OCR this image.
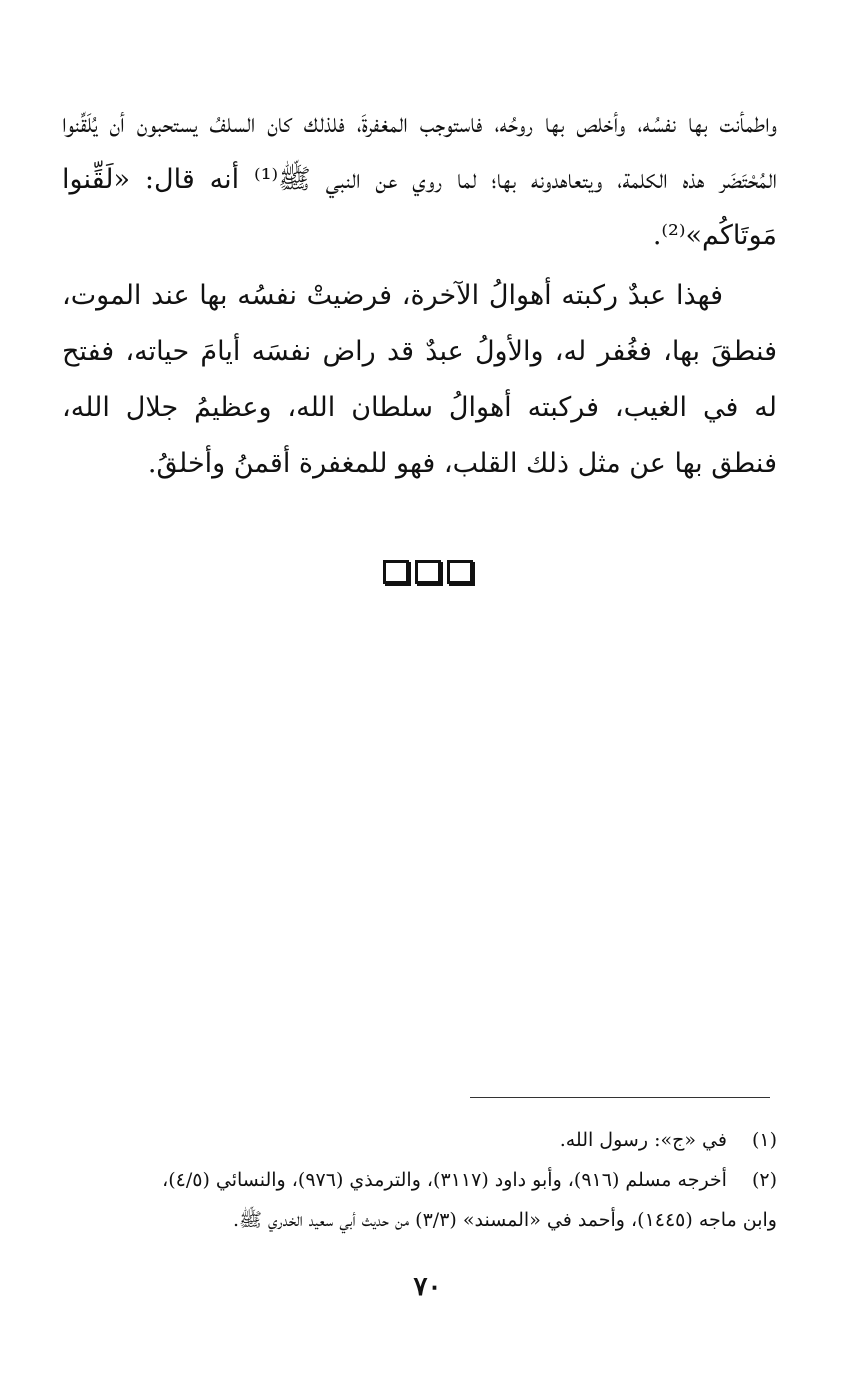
واطمأنت بها نفسُه، وأخلص بها روحُه، فاستوجب المغفرةَ، فلذلك كان السلفُ يستحبون أن يُلَقِّنوا المُحْتَضَر هذه الكلمة، ويتعاهدونه بها؛ لما روي عن النبي ﷺ⁽¹⁾ أنه قال: «لَقِّنوا مَوتَاكُم»⁽²⁾.

فهذا عبدٌ ركبته أهوالُ الآخرة، فرضيتْ نفسُه بها عند الموت، فنطقَ بها، فغُفر له، والأولُ عبدٌ قد راض نفسَه أيامَ حياته، ففتح له في الغيب، فركبته أهوالُ سلطان الله، وعظيمُ جلال الله، فنطق بها عن مثل ذلك القلب، فهو للمغفرة أقمنُ وأخلقُ.

(١) في «ج»: رسول الله.

(٢) أخرجه مسلم (٩١٦)، وأبو داود (٣١١٧)، والترمذي (٩٧٦)، والنسائي (٤/٥)،

وابن ماجه (١٤٤٥)، وأحمد في «المسند» (٣/٣) من حديث أبي سعيد الخدري ﷺ.

٧٠
